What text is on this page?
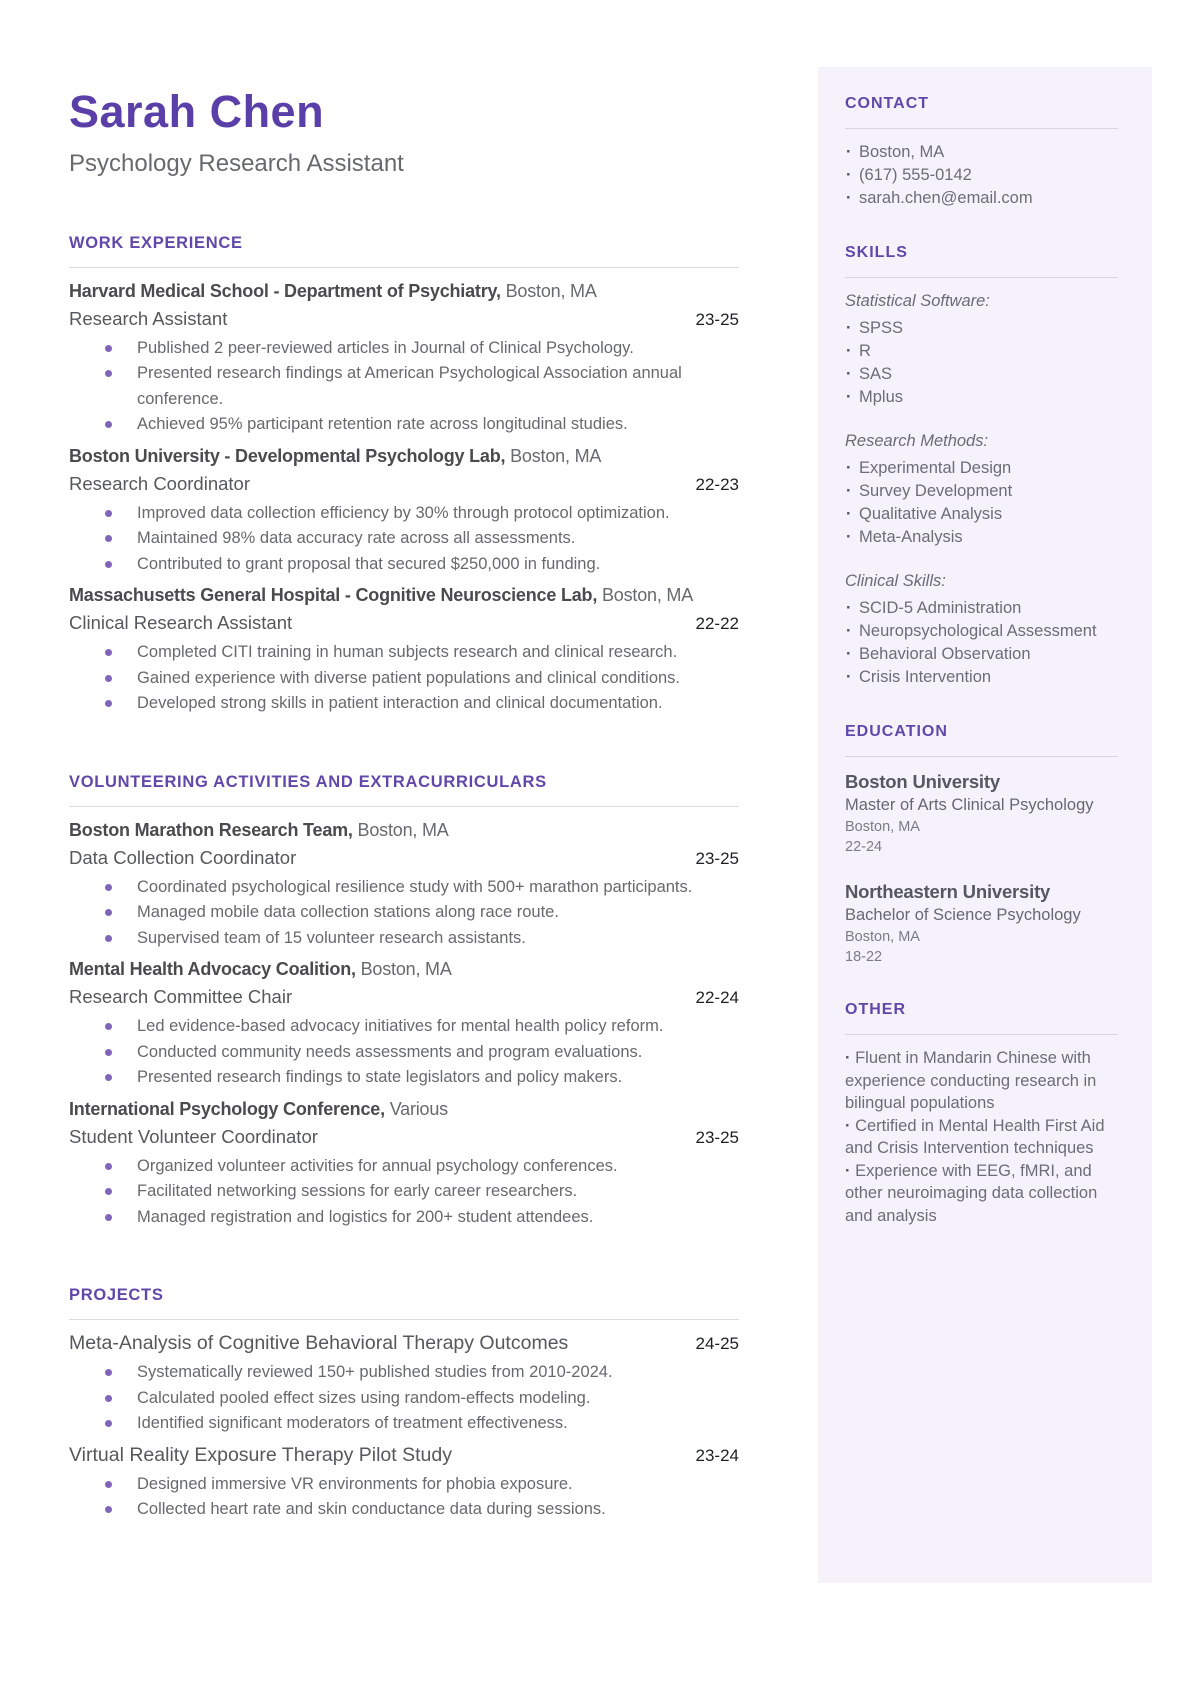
Sarah Chen
Psychology Research Assistant
WORK EXPERIENCE
Harvard Medical School - Department of Psychiatry, Boston, MA
Research Assistant	23-25
Published 2 peer-reviewed articles in Journal of Clinical Psychology.
Presented research findings at American Psychological Association annual conference.
Achieved 95% participant retention rate across longitudinal studies.
Boston University - Developmental Psychology Lab, Boston, MA
Research Coordinator	22-23
Improved data collection efficiency by 30% through protocol optimization.
Maintained 98% data accuracy rate across all assessments.
Contributed to grant proposal that secured $250,000 in funding.
Massachusetts General Hospital - Cognitive Neuroscience Lab, Boston, MA
Clinical Research Assistant	22-22
Completed CITI training in human subjects research and clinical research.
Gained experience with diverse patient populations and clinical conditions.
Developed strong skills in patient interaction and clinical documentation.
VOLUNTEERING ACTIVITIES AND EXTRACURRICULARS
Boston Marathon Research Team, Boston, MA
Data Collection Coordinator	23-25
Coordinated psychological resilience study with 500+ marathon participants.
Managed mobile data collection stations along race route.
Supervised team of 15 volunteer research assistants.
Mental Health Advocacy Coalition, Boston, MA
Research Committee Chair	22-24
Led evidence-based advocacy initiatives for mental health policy reform.
Conducted community needs assessments and program evaluations.
Presented research findings to state legislators and policy makers.
International Psychology Conference, Various
Student Volunteer Coordinator	23-25
Organized volunteer activities for annual psychology conferences.
Facilitated networking sessions for early career researchers.
Managed registration and logistics for 200+ student attendees.
PROJECTS
Meta-Analysis of Cognitive Behavioral Therapy Outcomes	24-25
Systematically reviewed 150+ published studies from 2010-2024.
Calculated pooled effect sizes using random-effects modeling.
Identified significant moderators of treatment effectiveness.
Virtual Reality Exposure Therapy Pilot Study	23-24
Designed immersive VR environments for phobia exposure.
Collected heart rate and skin conductance data during sessions.
CONTACT
· Boston, MA
· (617) 555-0142
· sarah.chen@email.com
SKILLS
Statistical Software:
· SPSS
· R
· SAS
· Mplus
Research Methods:
· Experimental Design
· Survey Development
· Qualitative Analysis
· Meta-Analysis
Clinical Skills:
· SCID-5 Administration
· Neuropsychological Assessment
· Behavioral Observation
· Crisis Intervention
EDUCATION
Boston University
Master of Arts Clinical Psychology
Boston, MA
22-24
Northeastern University
Bachelor of Science Psychology
Boston, MA
18-22
OTHER

· Fluent in Mandarin Chinese with experience conducting research in bilingual populations

· Certified in Mental Health First Aid and Crisis Intervention techniques

· Experience with EEG, fMRI, and other neuroimaging data collection and analysis
